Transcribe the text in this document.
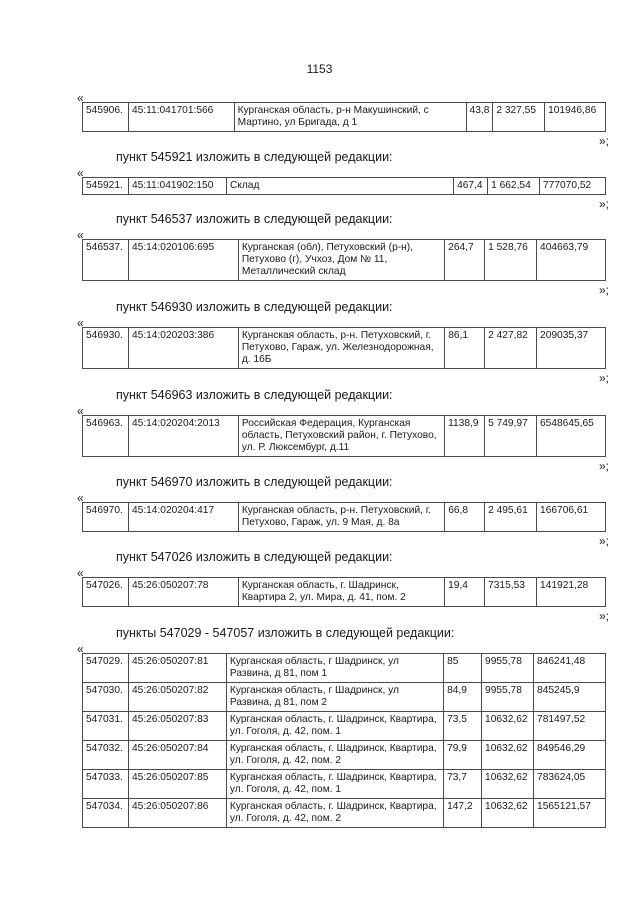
1153
«
545906.	45:11:041701:566	Курганская область, р-н Макушинский, с Мартино, ул Бригада, д 1	43,8	2 327,55	101946,86
»;
пункт 545921 изложить в следующей редакции:
«
545921.	45:11:041902:150	Склад	467,4	1 662,54	777070,52
»;
пункт 546537 изложить в следующей редакции:
«
546537.	45:14:020106:695	Курганская (обл), Петуховский (р-н), Петухово (г), Учхоз, Дом № 11, Металлический склад	264,7	1 528,76	404663,79
»;
пункт 546930 изложить в следующей редакции:
«
546930.	45:14:020203:386	Курганская область, р-н. Петуховский, г. Петухово, Гараж, ул. Железнодорожная, д. 16Б	86,1	2 427,82	209035,37
»;
пункт 546963 изложить в следующей редакции:
«
546963.	45:14:020204:2013	Российская Федерация, Курганская область, Петуховский район, г. Петухово, ул. Р. Люксембург, д.11	1138,9	5 749,97	6548645,65
»;
пункт 546970 изложить в следующей редакции:
«
546970.	45:14:020204:417	Курганская область, р-н. Петуховский, г. Петухово, Гараж, ул. 9 Мая, д. 8а	66,8	2 495,61	166706,61
»;
пункт 547026 изложить в следующей редакции:
«
547026.	45:26:050207:78	Курганская область, г. Шадринск, Квартира 2, ул. Мира, д. 41, пом. 2	19,4	7315,53	141921,28
»;
пункты 547029 - 547057 изложить в следующей редакции:
«
547029.	45:26:050207:81	Курганская область, г Шадринск, ул Развина, д 81, пом 1	85	9955,78	846241,48
547030.	45:26:050207:82	Курганская область, г Шадринск, ул Развина, д 81, пом 2	84,9	9955,78	845245,9
547031.	45:26:050207:83	Курганская область, г. Шадринск, Квартира, ул. Гоголя, д. 42, пом. 1	73,5	10632,62	781497,52
547032.	45:26:050207:84	Курганская область, г. Шадринск, Квартира, ул. Гоголя, д. 42, пом. 2	79,9	10632,62	849546,29
547033.	45:26:050207:85	Курганская область, г. Шадринск, Квартира, ул. Гоголя, д. 42, пом. 1	73,7	10632,62	783624,05
547034.	45:26:050207:86	Курганская область, г. Шадринск, Квартира, ул. Гоголя, д. 42, пом. 2	147,2	10632,62	1565121,57
